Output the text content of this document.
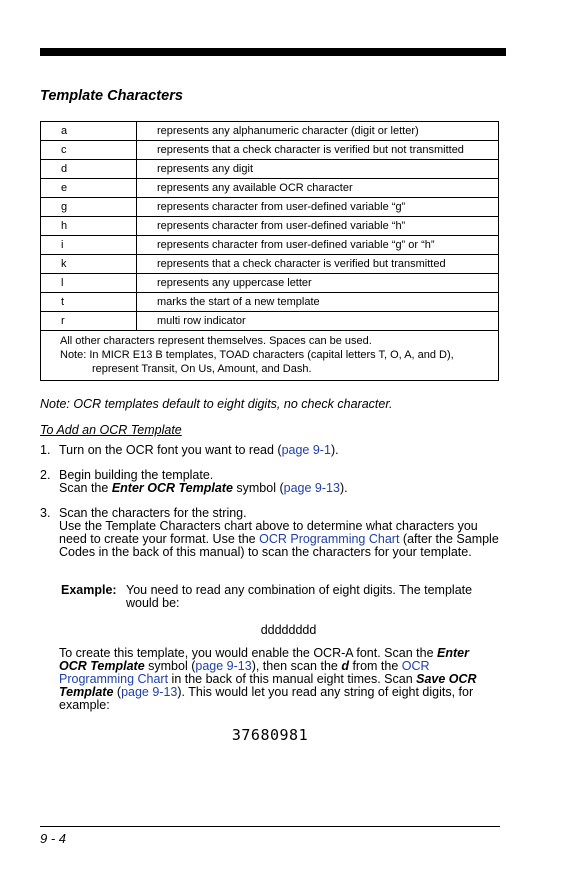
Template Characters
a	represents any alphanumeric character (digit or letter)
c	represents that a check character is verified but not transmitted
d	represents any digit
e	represents any available OCR character
g	represents character from user-defined variable “g”
h	represents character from user-defined variable “h”
i	represents character from user-defined variable “g” or “h”
k	represents that a check character is verified but transmitted
l	represents any uppercase letter
t	marks the start of a new template
r	multi row indicator

All other characters represent themselves. Spaces can be used.
Note: In MICR E13 B templates, TOAD characters (capital letters T, O, A, and D),
represent Transit, On Us, Amount, and Dash.	
Note: OCR templates default to eight digits, no check character.
To Add an OCR Template
1. Turn on the OCR font you want to read (page 9-1).
2. Begin building the template.
Scan the Enter OCR Template symbol (page 9-13).
3. Scan the characters for the string.
Use the Template Characters chart above to determine what characters you need to create your format. Use the OCR Programming Chart (after the Sample Codes in the back of this manual) to scan the characters for your template.
Example: You need to read any combination of eight digits. The template would be:
dddddddd
To create this template, you would enable the OCR-A font. Scan the Enter OCR Template symbol (page 9-13), then scan the d from the OCR Programming Chart in the back of this manual eight times. Scan Save OCR Template (page 9-13). This would let you read any string of eight digits, for example:
37680981
9 - 4
